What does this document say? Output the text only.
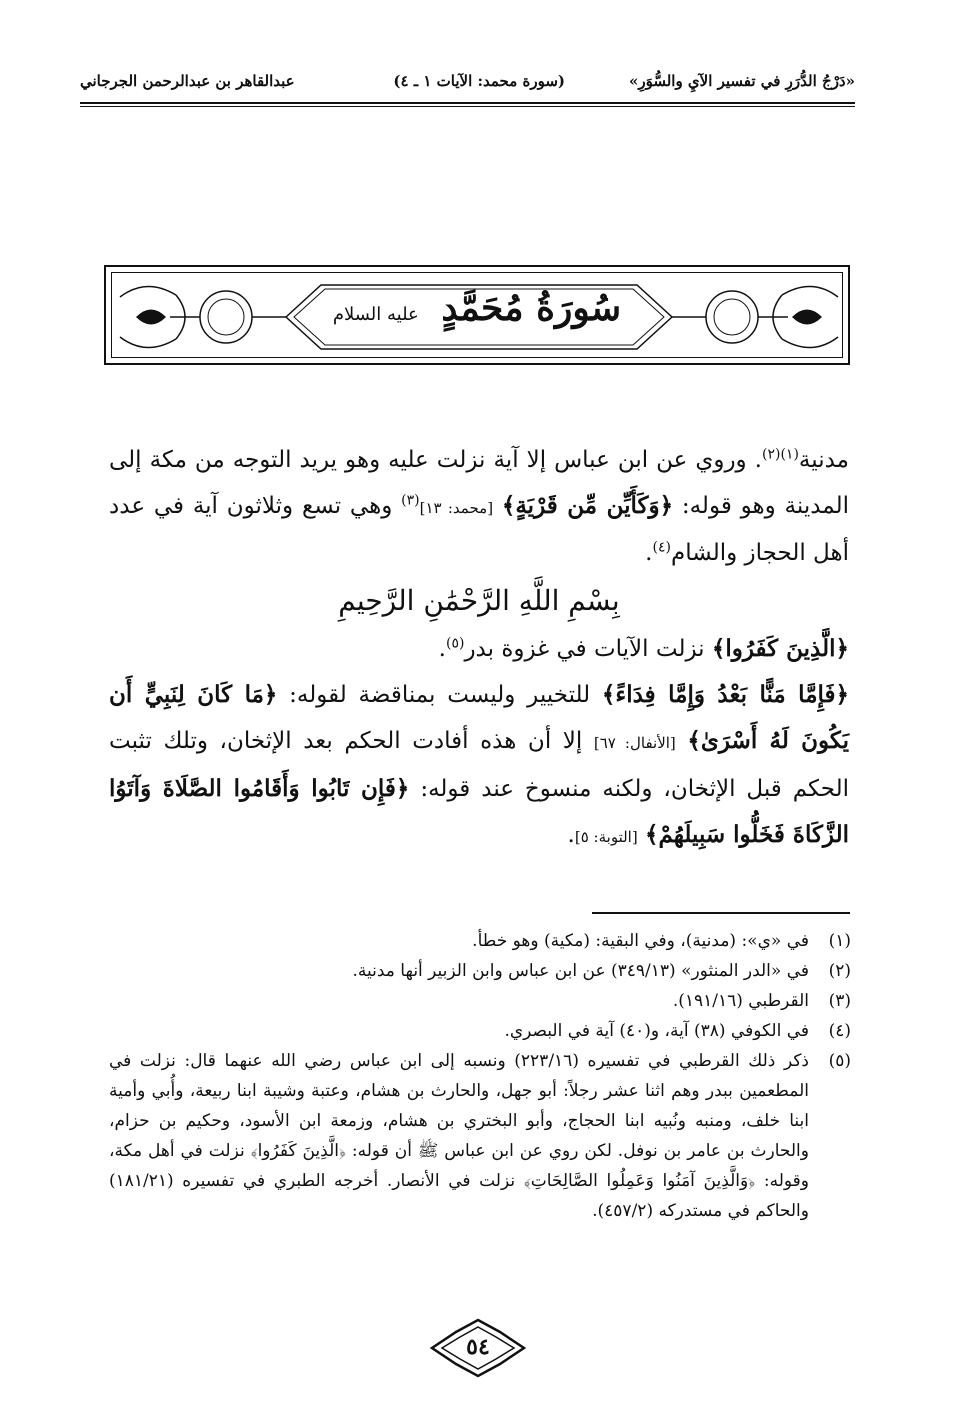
«دَرْجُ الدُّرَرِ في تفسير الآيِ والسُّوَرِ»
(سورة محمد: الآيات ١ ـ ٤)
عبدالقاهر بن عبدالرحمن الجرجاني
سُورَةُ مُحَمَّدٍ عليه السلام

مدنية$^{(١)(٢)}$. وروي عن ابن عباس إلا آية نزلت عليه وهو يريد التوجه من مكة إلى المدينة وهو قوله: ﴿وَكَأَيِّن مِّن قَرْيَةٍ﴾ [محمد: ١٣]$^{(٣)}$ وهي تسع وثلاثون آية في عدد أهل الحجاز والشام$^{(٤)}$.

بِسْمِ اللَّهِ الرَّحْمَٰنِ الرَّحِيمِ

﴿الَّذِينَ كَفَرُوا﴾ نزلت الآيات في غزوة بدر$^{(٥)}$.

﴿فَإِمَّا مَنًّا بَعْدُ وَإِمَّا فِدَاءً﴾ للتخيير وليست بمناقضة لقوله: ﴿مَا كَانَ لِنَبِيٍّ أَن يَكُونَ لَهُ أَسْرَىٰ﴾ [الأنفال: ٦٧] إلا أن هذه أفادت الحكم بعد الإثخان، وتلك تثبت الحكم قبل الإثخان، ولكنه منسوخ عند قوله: ﴿فَإِن تَابُوا وَأَقَامُوا الصَّلَاةَ وَآتَوُا الزَّكَاةَ فَخَلُّوا سَبِيلَهُمْ﴾ [التوبة: ٥].

(١)
في «ي»: (مدنية)، وفي البقية: (مكية) وهو خطأ.

(٢)
في «الدر المنثور» (٣٤٩/١٣) عن ابن عباس وابن الزبير أنها مدنية.

(٣)
القرطبي (١٩١/١٦).

(٤)
في الكوفي (٣٨) آية، و(٤٠) آية في البصري.

(٥)
ذكر ذلك القرطبي في تفسيره (٢٢٣/١٦) ونسبه إلى ابن عباس رضي الله عنهما قال: نزلت في المطعمين ببدر وهم اثنا عشر رجلاً: أبو جهل، والحارث بن هشام، وعتبة وشيبة ابنا ربيعة، وأُبي وأمية ابنا خلف، ومنبه ونُبيه ابنا الحجاج، وأبو البختري بن هشام، وزمعة ابن الأسود، وحكيم بن حزام، والحارث بن عامر بن نوفل. لكن روي عن ابن عباس ﷺ أن قوله: ﴿الَّذِينَ كَفَرُوا﴾ نزلت في أهل مكة، وقوله: ﴿وَالَّذِينَ آمَنُوا وَعَمِلُوا الصَّالِحَاتِ﴾ نزلت في الأنصار. أخرجه الطبري في تفسيره (١٨١/٢١) والحاكم في مستدركه (٤٥٧/٢).

٥٤
